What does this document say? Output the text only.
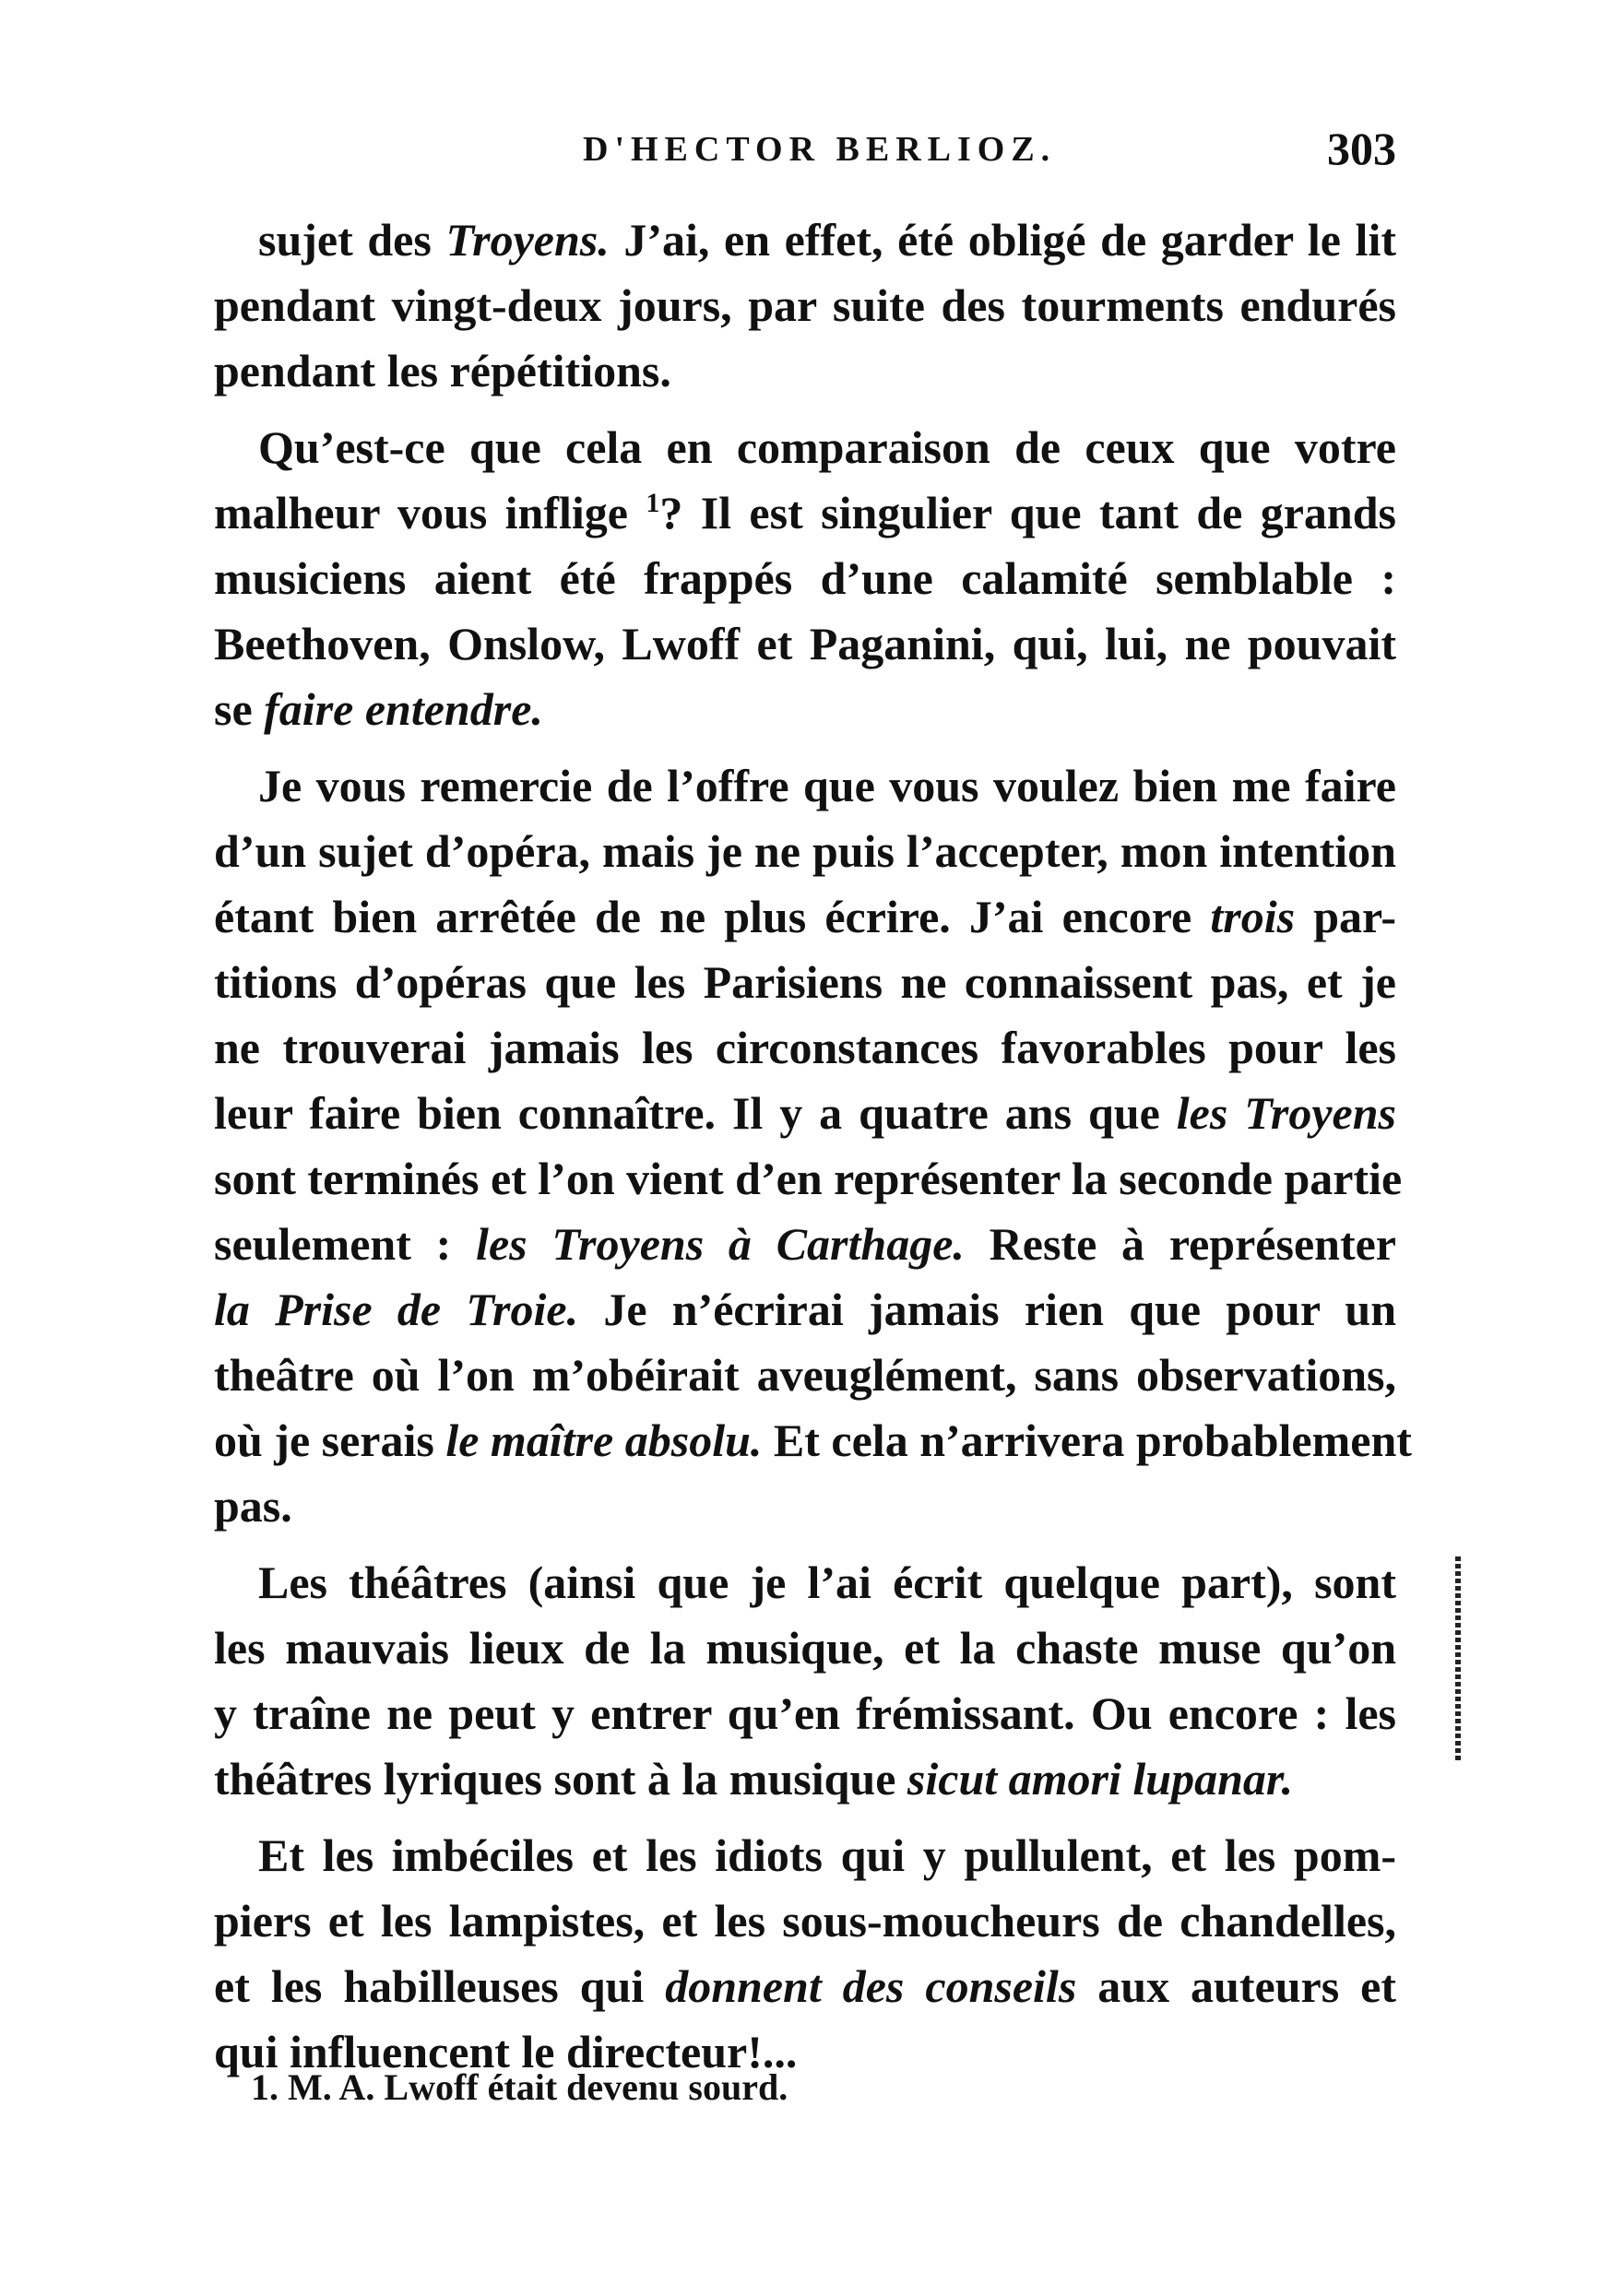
D'HECTOR BERLIOZ.	303
sujet des Troyens. J’ai, en effet, été obligé de garder le lit
pendant vingt-deux jours, par suite des tourments endurés
pendant les répétitions.
Qu’est-ce que cela en comparaison de ceux que votre
malheur vous inflige $^1$? Il est singulier que tant de grands
musiciens aient été frappés d’une calamité semblable :
Beethoven, Onslow, Lwoff et Paganini, qui, lui, ne pouvait
se faire entendre.
Je vous remercie de l’offre que vous voulez bien me faire
d’un sujet d’opéra, mais je ne puis l’accepter, mon intention
étant bien arrêtée de ne plus écrire. J’ai encore trois par-
titions d’opéras que les Parisiens ne connaissent pas, et je
ne trouverai jamais les circonstances favorables pour les
leur faire bien connaître. Il y a quatre ans que les Troyens
sont terminés et l’on vient d’en représenter la seconde partie
seulement : les Troyens à Carthage. Reste à représenter
la Prise de Troie. Je n’écrirai jamais rien que pour un
theâtre où l’on m’obéirait aveuglément, sans observations,
où je serais le maître absolu. Et cela n’arrivera probablement
pas.
Les théâtres (ainsi que je l’ai écrit quelque part), sont
les mauvais lieux de la musique, et la chaste muse qu’on
y traîne ne peut y entrer qu’en frémissant. Ou encore : les
théâtres lyriques sont à la musique sicut amori lupanar.
Et les imbéciles et les idiots qui y pullulent, et les pom-
piers et les lampistes, et les sous-moucheurs de chandelles,
et les habilleuses qui donnent des conseils aux auteurs et
qui influencent le directeur!...
1. M. A. Lwoff était devenu sourd.
